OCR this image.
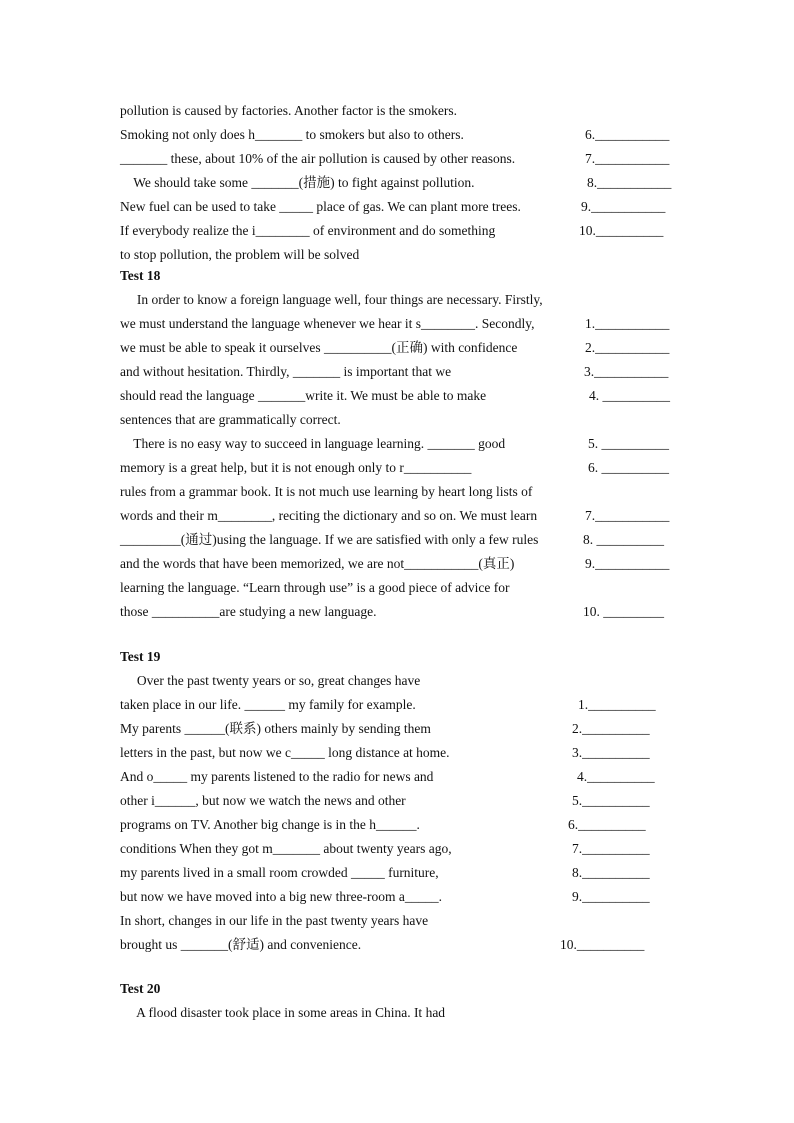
pollution is caused by factories. Another factor is the smokers.
Smoking not only does h_______ to smokers but also to others.
_______ these, about 10% of the air pollution is caused by other reasons.
We should take some _______(措施) to fight against pollution.
New fuel can be used to take _____ place of gas. We can plant more trees.
If everybody realize the i________ of environment and do something
to stop pollution, the problem will be solved
6.___________
7.___________
8.___________
9.___________
10.__________
Test 18
In order to know a foreign language well, four things are necessary. Firstly,
we must understand the language whenever we hear it s________. Secondly,
we must be able to speak it ourselves __________(正确) with confidence
and without hesitation. Thirdly, _______ is important that we
should read the language _______write it. We must be able to make
sentences that are grammatically correct.
There is no easy way to succeed in language learning. _______ good
memory is a great help, but it is not enough only to r__________
rules from a grammar book. It is not much use learning by heart long lists of
words and their m________, reciting the dictionary and so on. We must learn
_________(通过)using the language. If we are satisfied with only a few rules
and the words that have been memorized, we are not___________(真正)
learning the language. “Learn through use” is a good piece of advice for
those __________are studying a new language.
1.___________
2.___________
3.___________
4. __________
5. __________
6. __________
7.___________
8. __________
9.___________
10. _________
Test 19
Over the past twenty years or so, great changes have
taken place in our life. ______ my family for example.
My parents ______(联系) others mainly by sending them
letters in the past, but now we c_____ long distance at home.
And o_____ my parents listened to the radio for news and
other i______, but now we watch the news and other
programs on TV. Another big change is in the h______.
conditions When they got m_______ about twenty years ago,
my parents lived in a small room crowded _____ furniture,
but now we have moved into a big new three-room a_____.
In short, changes in our life in the past twenty years have
brought us _______(舒适) and convenience.
1.__________
2.__________
3.__________
4.__________
5.__________
6.__________
7.__________
8.__________
9.__________
10.__________
Test 20
A flood disaster took place in some areas in China. It had
